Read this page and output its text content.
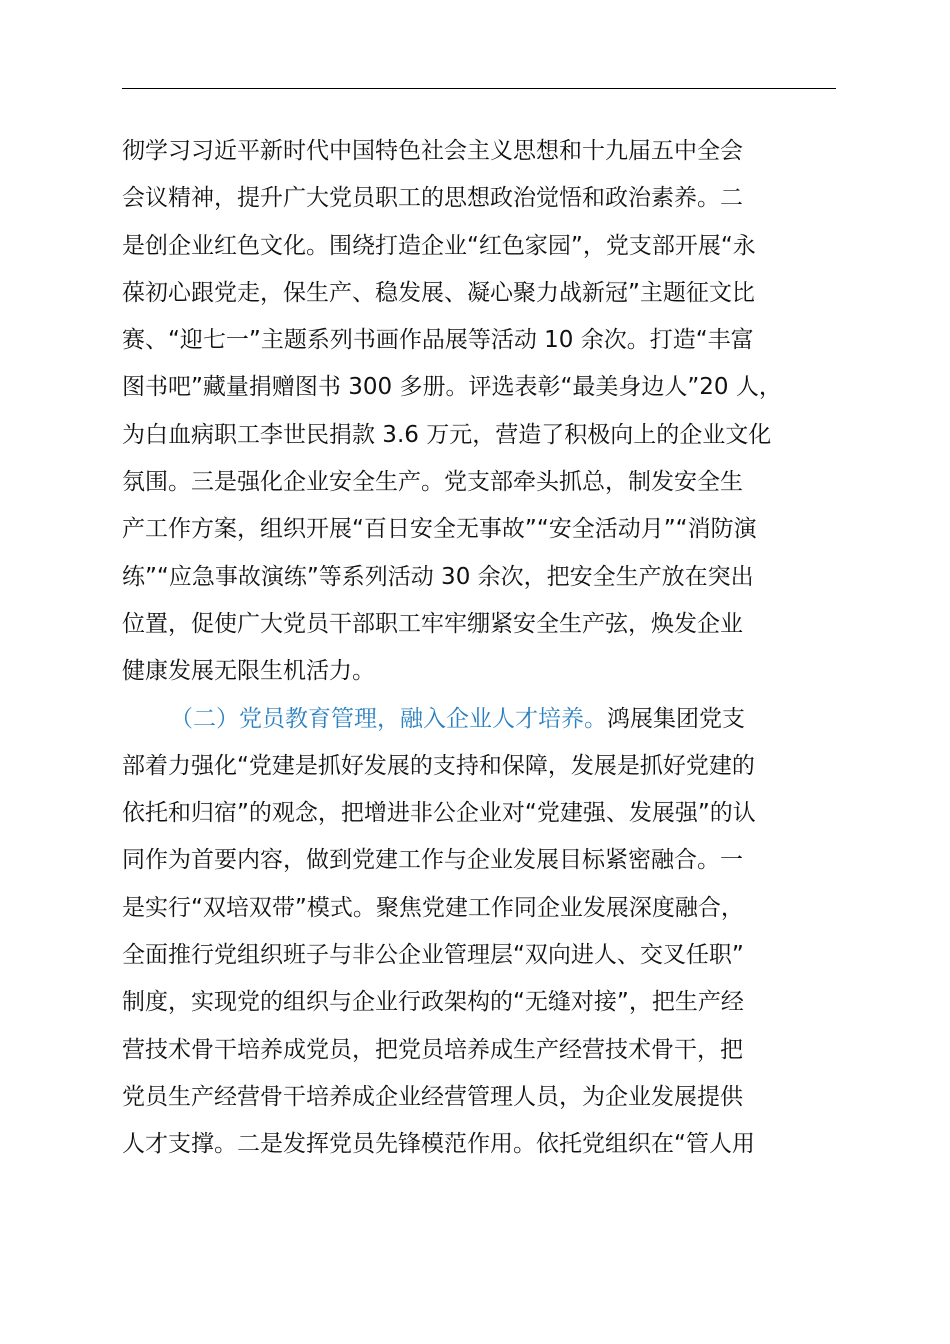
彻学习习近平新时代中国特色社会主义思想和十九届五中全会
会议精神，提升广大党员职工的思想政治觉悟和政治素养。二
是创企业红色文化。围绕打造企业“红色家园”，党支部开展“永
葆初心跟党走，保生产、稳发展、凝心聚力战新冠”主题征文比
赛、“迎七一”主题系列书画作品展等活动 10 余次。打造“丰富
图书吧”藏量捐赠图书 300 多册。评选表彰“最美身边人”20 人，
为白血病职工李世民捐款 3.6 万元，营造了积极向上的企业文化
氛围。三是强化企业安全生产。党支部牵头抓总，制发安全生
产工作方案，组织开展“百日安全无事故”“安全活动月”“消防演
练”“应急事故演练”等系列活动 30 余次，把安全生产放在突出
位置，促使广大党员干部职工牢牢绷紧安全生产弦，焕发企业
健康发展无限生机活力。
（二）党员教育管理，融入企业人才培养。鸿展集团党支
部着力强化“党建是抓好发展的支持和保障，发展是抓好党建的
依托和归宿”的观念，把增进非公企业对“党建强、发展强”的认
同作为首要内容，做到党建工作与企业发展目标紧密融合。一
是实行“双培双带”模式。聚焦党建工作同企业发展深度融合，
全面推行党组织班子与非公企业管理层“双向进人、交叉任职”
制度，实现党的组织与企业行政架构的“无缝对接”，把生产经
营技术骨干培养成党员，把党员培养成生产经营技术骨干，把
党员生产经营骨干培养成企业经营管理人员，为企业发展提供
人才支撑。二是发挥党员先锋模范作用。依托党组织在“管人用
